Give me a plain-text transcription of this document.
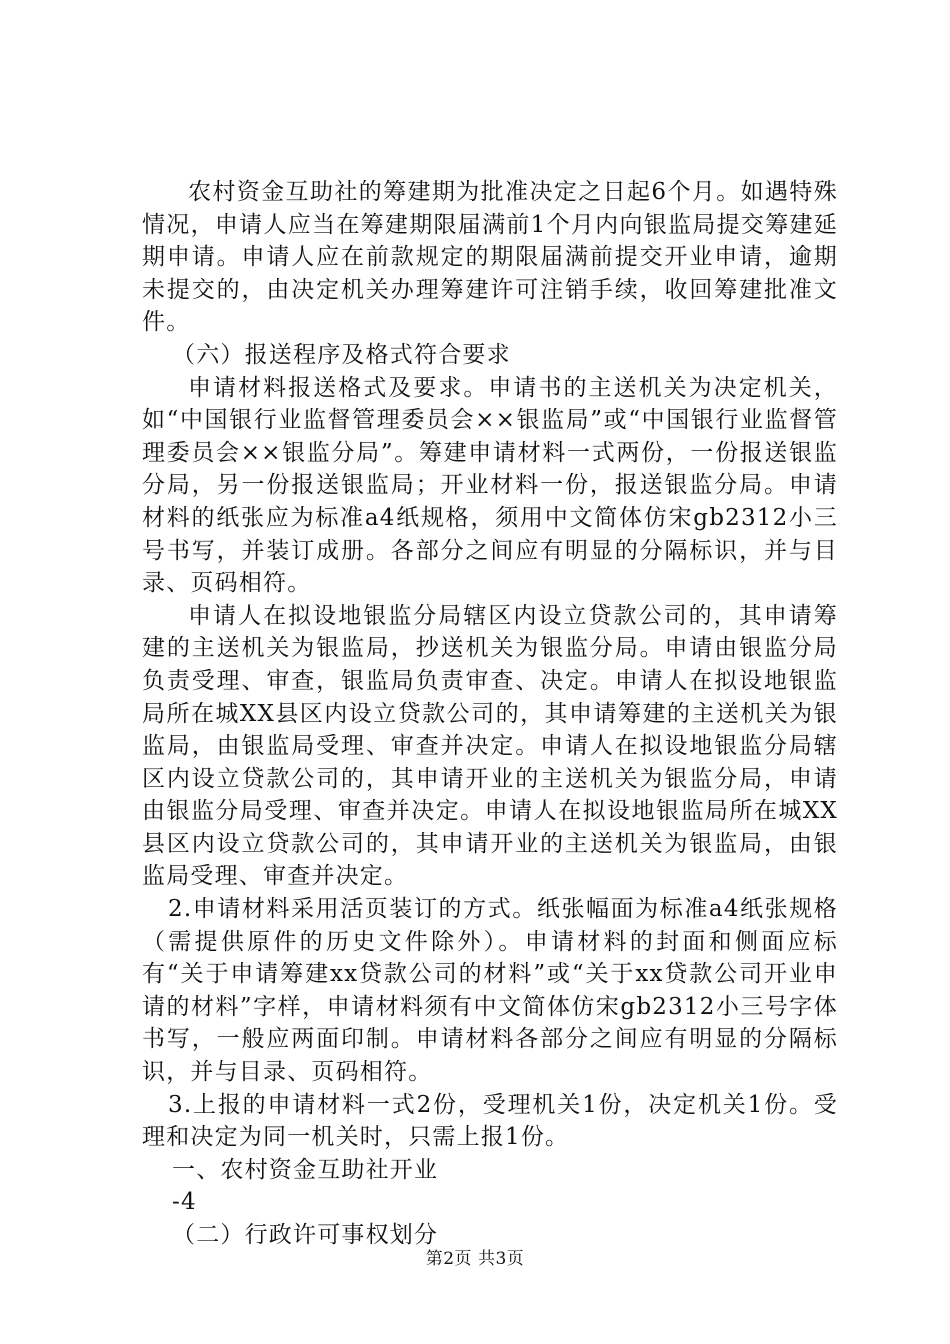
农村资金互助社的筹建期为批准决定之日起6个月。如遇特殊情况，申请人应当在筹建期限届满前1个月内向银监局提交筹建延期申请。申请人应在前款规定的期限届满前提交开业申请，逾期未提交的，由决定机关办理筹建许可注销手续，收回筹建批准文件。

（六）报送程序及格式符合要求

申请材料报送格式及要求。申请书的主送机关为决定机关，如“中国银行业监督管理委员会××银监局”或“中国银行业监督管理委员会××银监分局”。筹建申请材料一式两份，一份报送银监分局，另一份报送银监局；开业材料一份，报送银监分局。申请材料的纸张应为标准a4纸规格，须用中文简体仿宋gb2312小三号书写，并装订成册。各部分之间应有明显的分隔标识，并与目录、页码相符。

申请人在拟设地银监分局辖区内设立贷款公司的，其申请筹建的主送机关为银监局，抄送机关为银监分局。申请由银监分局负责受理、审查，银监局负责审查、决定。申请人在拟设地银监局所在城XX县区内设立贷款公司的，其申请筹建的主送机关为银监局，由银监局受理、审查并决定。申请人在拟设地银监分局辖区内设立贷款公司的，其申请开业的主送机关为银监分局，申请由银监分局受理、审查并决定。申请人在拟设地银监局所在城XX县区内设立贷款公司的，其申请开业的主送机关为银监局，由银监局受理、审查并决定。

2.申请材料采用活页装订的方式。纸张幅面为标准a4纸张规格（需提供原件的历史文件除外）。申请材料的封面和侧面应标有“关于申请筹建xx贷款公司的材料”或“关于xx贷款公司开业申请的材料”字样，申请材料须有中文简体仿宋gb2312小三号字体书写，一般应两面印制。申请材料各部分之间应有明显的分隔标识，并与目录、页码相符。

3.上报的申请材料一式2份，受理机关1份，决定机关1份。受理和决定为同一机关时，只需上报1份。

一、农村资金互助社开业

-4

（二）行政许可事权划分

第2页 共3页
